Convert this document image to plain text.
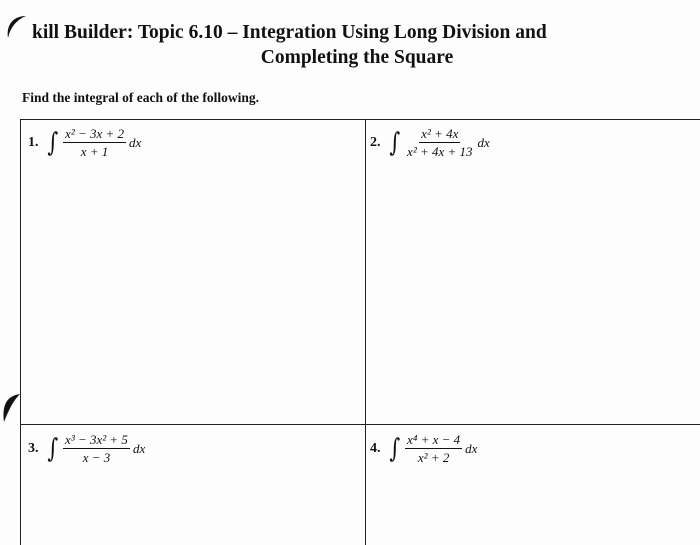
kill Builder: Topic 6.10 – Integration Using Long Division and
Completing the Square
Find the integral of each of the following.
1. ∫ $\frac{\text{x² − 3x + 2}}{x + 1}$ dx	2. ∫ $\frac{\text{x² + 4x}}{\text{x² + 4x + 13}}$ dx
3. ∫ $\frac{\text{x³ − 3x² + 5}}{x - 3}$ dx	4. ∫ $\frac{\text{x⁴ + x − 4}}{\text{x² + 2}}$ dx
